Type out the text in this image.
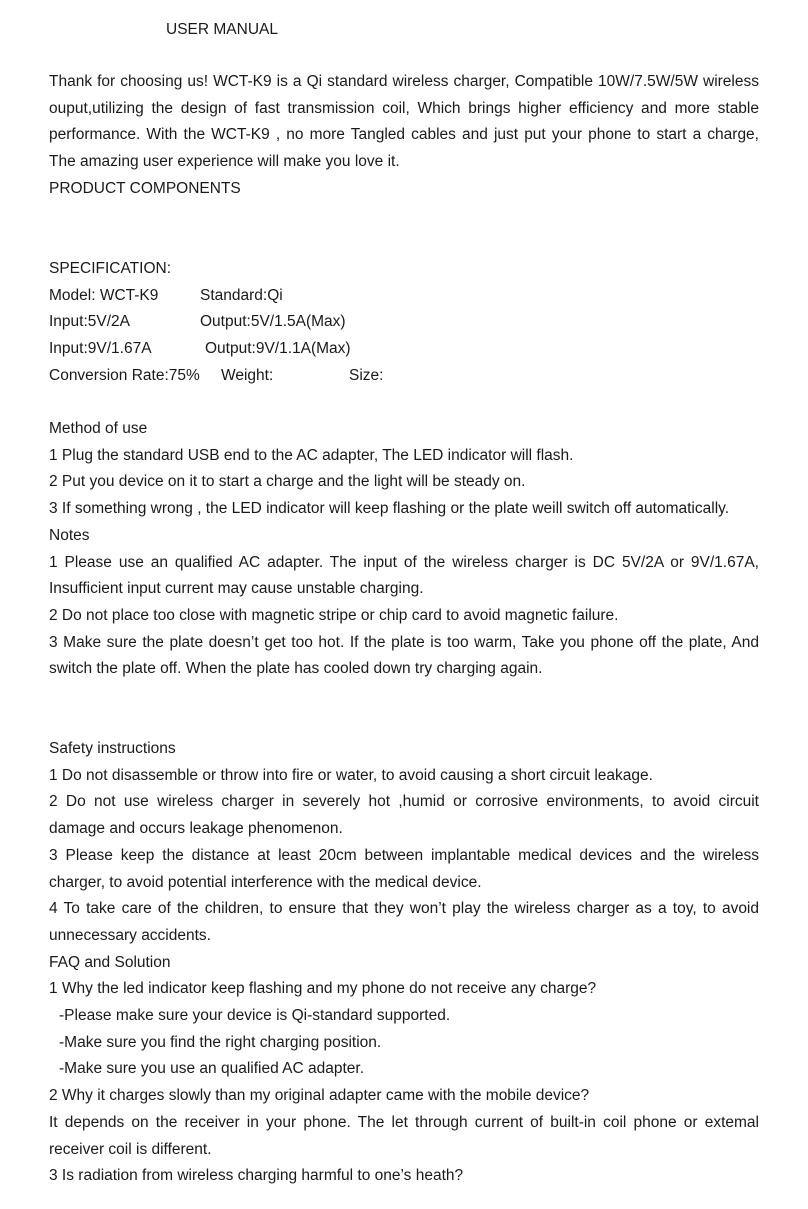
USER MANUAL

Thank for choosing us! WCT-K9 is a Qi standard wireless charger, Compatible 10W/7.5W/5W wireless ouput,utilizing the design of fast transmission coil, Which brings higher efficiency and more stable performance. With the WCT-K9 , no more Tangled cables and just put your phone to start a charge, The amazing user experience will make you love it.

PRODUCT COMPONENTS

SPECIFICATION:

Model: WCT-K9	Standard:Qi
Input:5V/2A	Output:5V/1.5A(Max)
Input:9V/1.67A	Output:9V/1.1A(Max)
Conversion Rate:75% Weight:	Size:

Method of use

1 Plug the standard USB end to the AC adapter, The LED indicator will flash.

2 Put you device on it to start a charge and the light will be steady on.

3 If something wrong , the LED indicator will keep flashing or the plate weill switch off automatically.

Notes

1 Please use an qualified AC adapter. The input of the wireless charger is DC 5V/2A or 9V/1.67A, Insufficient input current may cause unstable charging.

2 Do not place too close with magnetic stripe or chip card to avoid magnetic failure.

3 Make sure the plate doesn’t get too hot. If the plate is too warm, Take you phone off the plate, And switch the plate off. When the plate has cooled down try charging again.

Safety instructions

1 Do not disassemble or throw into fire or water, to avoid causing a short circuit leakage.

2 Do not use wireless charger in severely hot ,humid or corrosive environments, to avoid circuit damage and occurs leakage phenomenon.

3 Please keep the distance at least 20cm between implantable medical devices and the wireless charger, to avoid potential interference with the medical device.

4 To take care of the children, to ensure that they won’t play the wireless charger as a toy, to avoid unnecessary accidents.

FAQ and Solution

1 Why the led indicator keep flashing and my phone do not receive any charge?

-Please make sure your device is Qi-standard supported.

-Make sure you find the right charging position.

-Make sure you use an qualified AC adapter.

2 Why it charges slowly than my original adapter came with the mobile device?

It depends on the receiver in your phone. The let through current of built-in coil phone or extemal receiver coil is different.

3 Is radiation from wireless charging harmful to one’s heath?
